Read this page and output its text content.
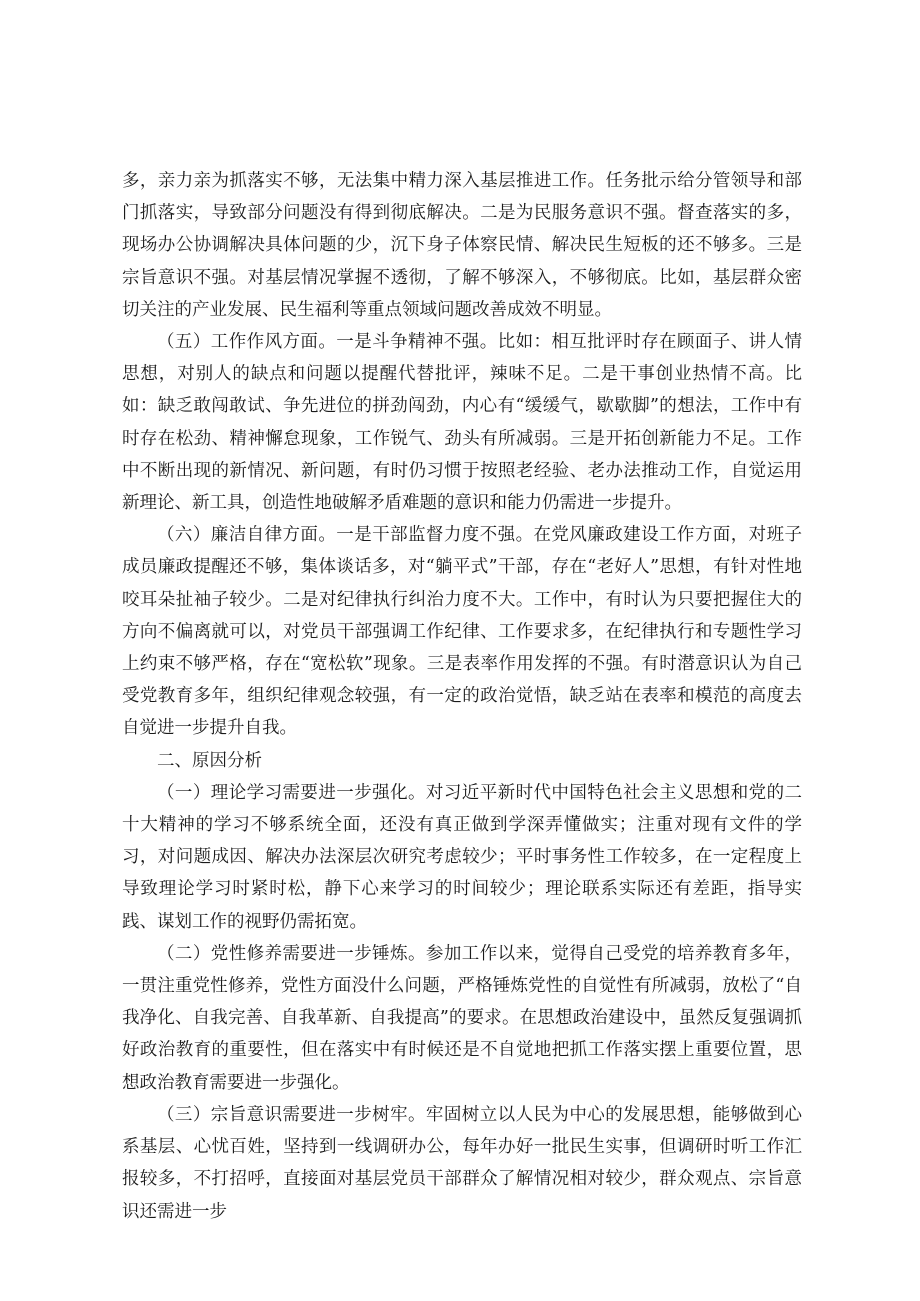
多，亲力亲为抓落实不够，无法集中精力深入基层推进工作。任务批示给分管领导和部门抓落实，导致部分问题没有得到彻底解决。二是为民服务意识不强。督查落实的多，现场办公协调解决具体问题的少，沉下身子体察民情、解决民生短板的还不够多。三是宗旨意识不强。对基层情况掌握不透彻，了解不够深入，不够彻底。比如，基层群众密切关注的产业发展、民生福利等重点领域问题改善成效不明显。

（五）工作作风方面。一是斗争精神不强。比如：相互批评时存在顾面子、讲人情思想，对别人的缺点和问题以提醒代替批评，辣味不足。二是干事创业热情不高。比如：缺乏敢闯敢试、争先进位的拼劲闯劲，内心有“缓缓气，歇歇脚”的想法，工作中有时存在松劲、精神懈怠现象，工作锐气、劲头有所减弱。三是开拓创新能力不足。工作中不断出现的新情况、新问题，有时仍习惯于按照老经验、老办法推动工作，自觉运用新理论、新工具，创造性地破解矛盾难题的意识和能力仍需进一步提升。

（六）廉洁自律方面。一是干部监督力度不强。在党风廉政建设工作方面，对班子成员廉政提醒还不够，集体谈话多，对“躺平式”干部，存在“老好人”思想，有针对性地咬耳朵扯袖子较少。二是对纪律执行纠治力度不大。工作中，有时认为只要把握住大的方向不偏离就可以，对党员干部强调工作纪律、工作要求多，在纪律执行和专题性学习上约束不够严格，存在“宽松软”现象。三是表率作用发挥的不强。有时潜意识认为自己受党教育多年，组织纪律观念较强，有一定的政治觉悟，缺乏站在表率和模范的高度去自觉进一步提升自我。

二、原因分析

（一）理论学习需要进一步强化。对习近平新时代中国特色社会主义思想和党的二十大精神的学习不够系统全面，还没有真正做到学深弄懂做实；注重对现有文件的学习，对问题成因、解决办法深层次研究考虑较少；平时事务性工作较多，在一定程度上导致理论学习时紧时松，静下心来学习的时间较少；理论联系实际还有差距，指导实践、谋划工作的视野仍需拓宽。

（二）党性修养需要进一步锤炼。参加工作以来，觉得自己受党的培养教育多年，一贯注重党性修养，党性方面没什么问题，严格锤炼党性的自觉性有所减弱，放松了“自我净化、自我完善、自我革新、自我提高”的要求。在思想政治建设中，虽然反复强调抓好政治教育的重要性，但在落实中有时候还是不自觉地把抓工作落实摆上重要位置，思想政治教育需要进一步强化。

（三）宗旨意识需要进一步树牢。牢固树立以人民为中心的发展思想，能够做到心系基层、心忧百姓，坚持到一线调研办公，每年办好一批民生实事，但调研时听工作汇报较多，不打招呼，直接面对基层党员干部群众了解情况相对较少，群众观点、宗旨意识还需进一步
